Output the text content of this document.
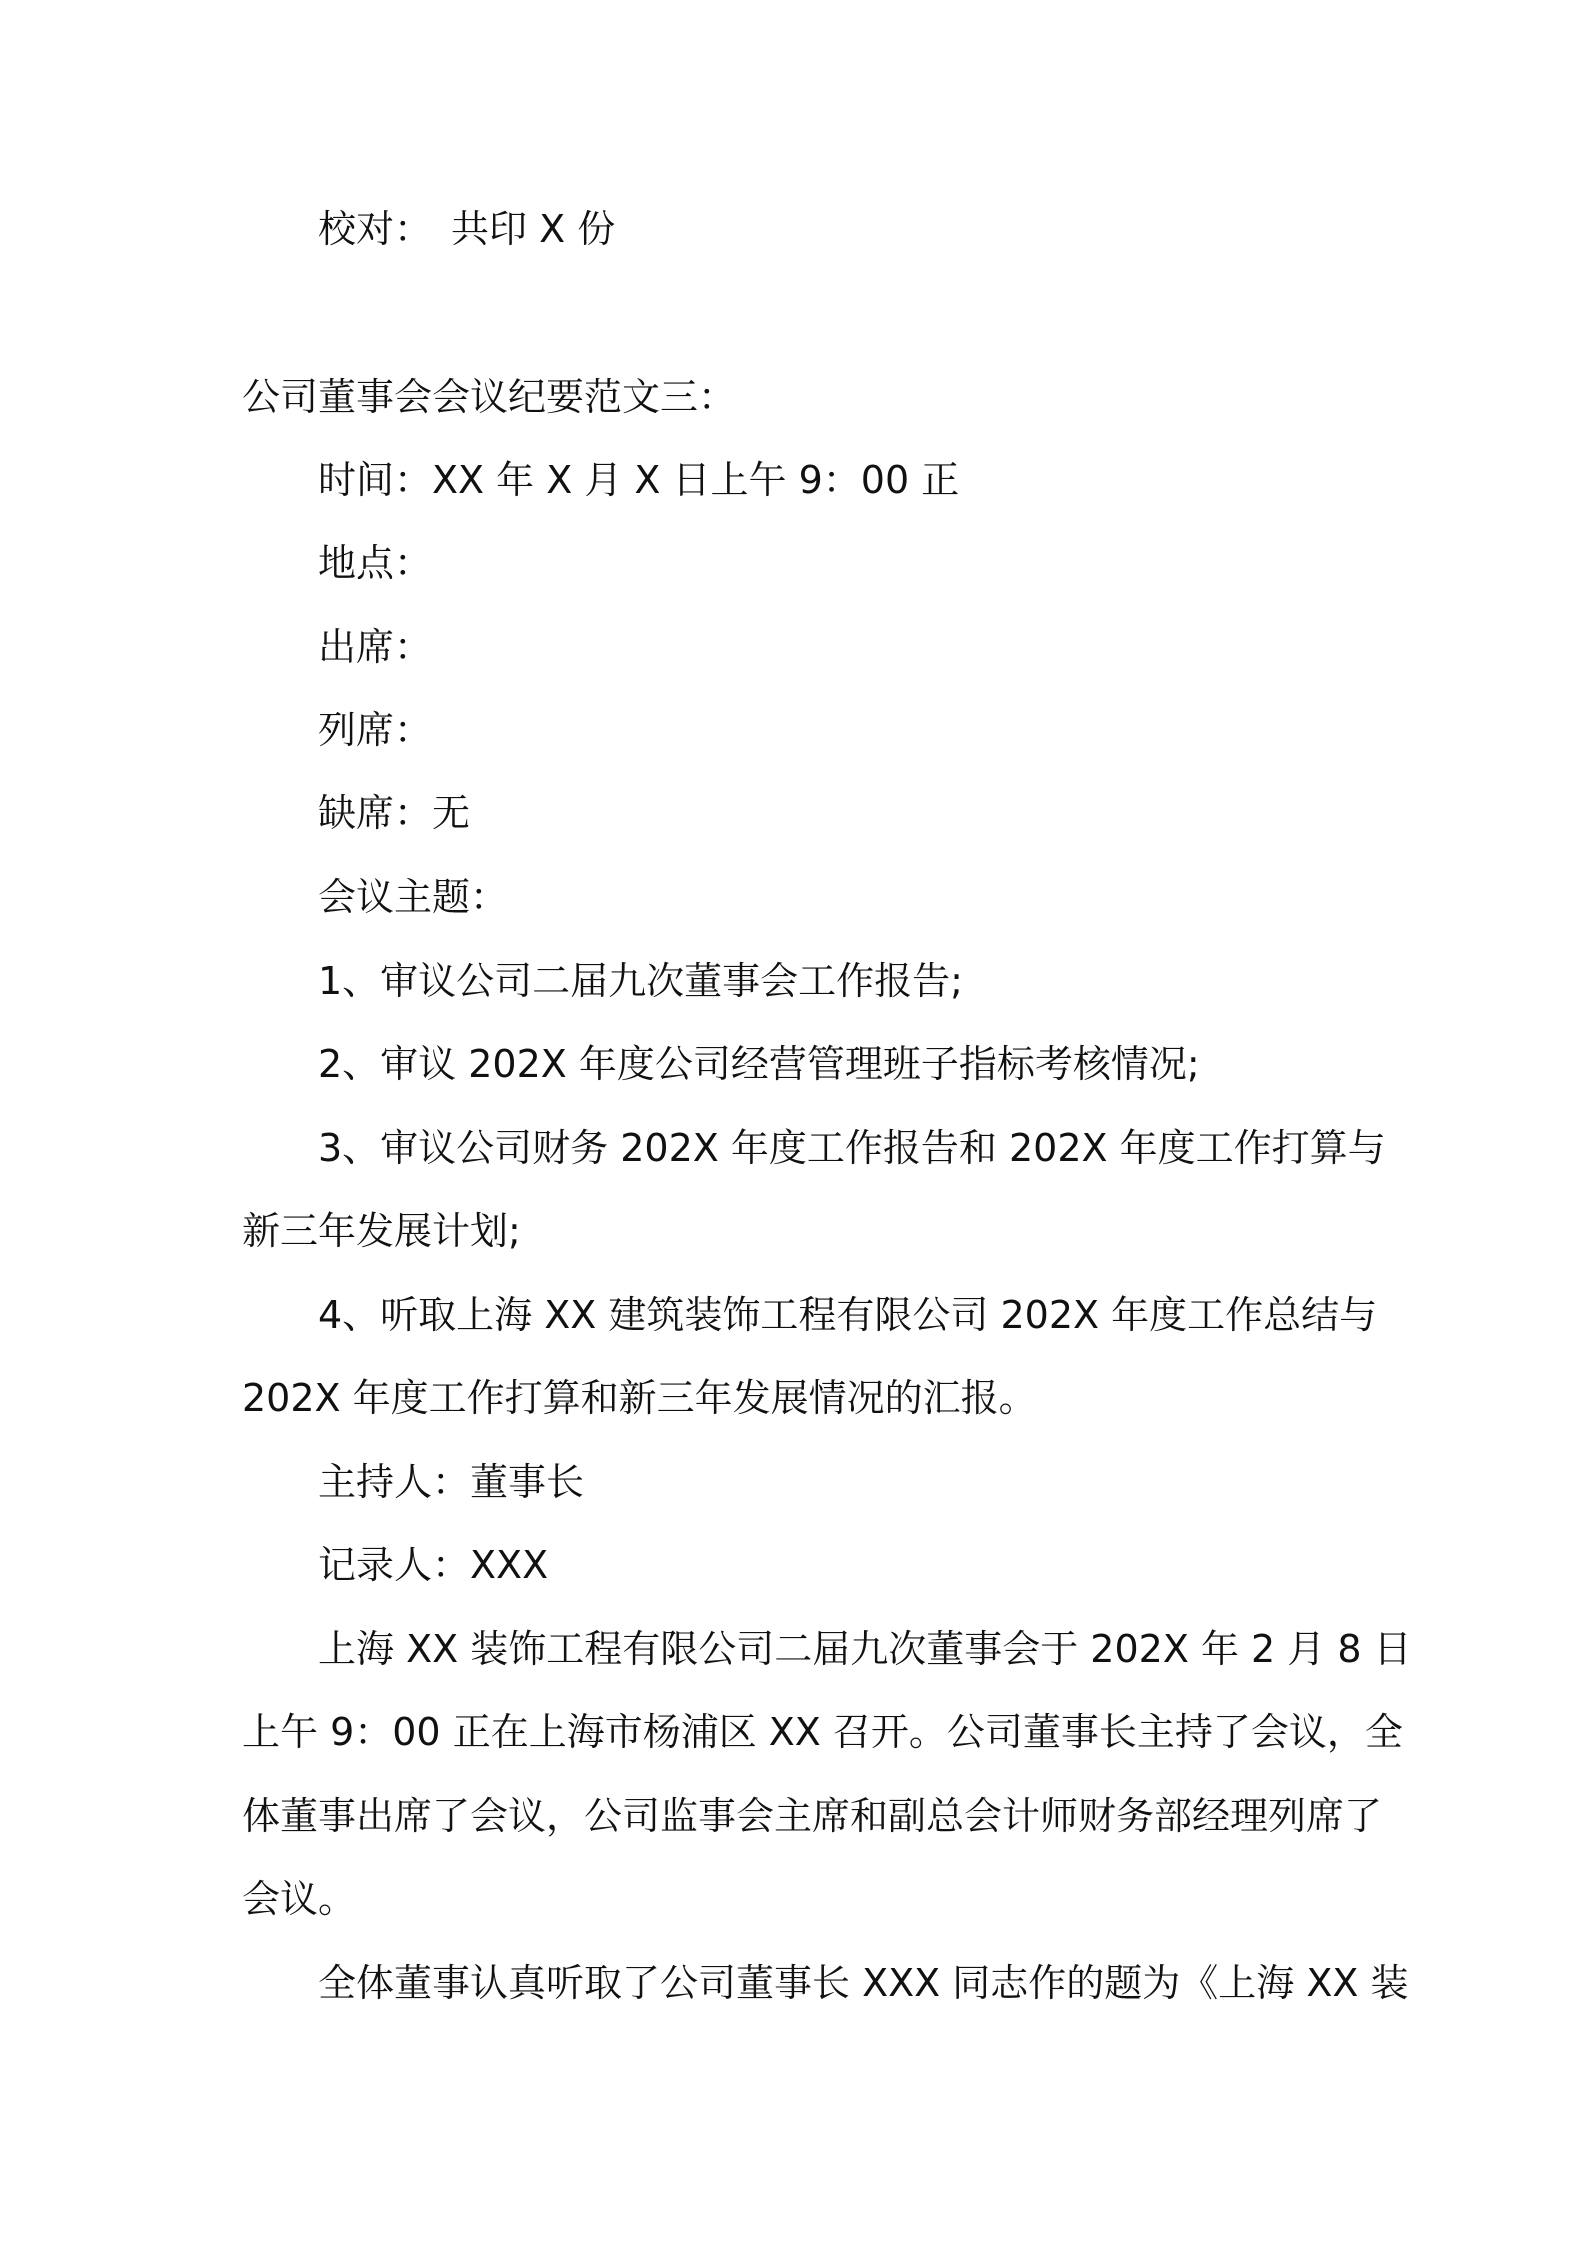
校对：　共印 X 份
公司董事会会议纪要范文三：
时间：XX 年 X 月 X 日上午 9：00 正
地点：
出席：
列席：
缺席：无
会议主题：
1、审议公司二届九次董事会工作报告;
2、审议 202X 年度公司经营管理班子指标考核情况;
3、审议公司财务 202X 年度工作报告和 202X 年度工作打算与
新三年发展计划;
4、听取上海 XX 建筑装饰工程有限公司 202X 年度工作总结与
202X 年度工作打算和新三年发展情况的汇报。
主持人：董事长
记录人：XXX
上海 XX 装饰工程有限公司二届九次董事会于 202X 年 2 月 8 日
上午 9：00 正在上海市杨浦区 XX 召开。公司董事长主持了会议，全
体董事出席了会议，公司监事会主席和副总会计师财务部经理列席了
会议。
全体董事认真听取了公司董事长 XXX 同志作的题为《上海 XX 装
